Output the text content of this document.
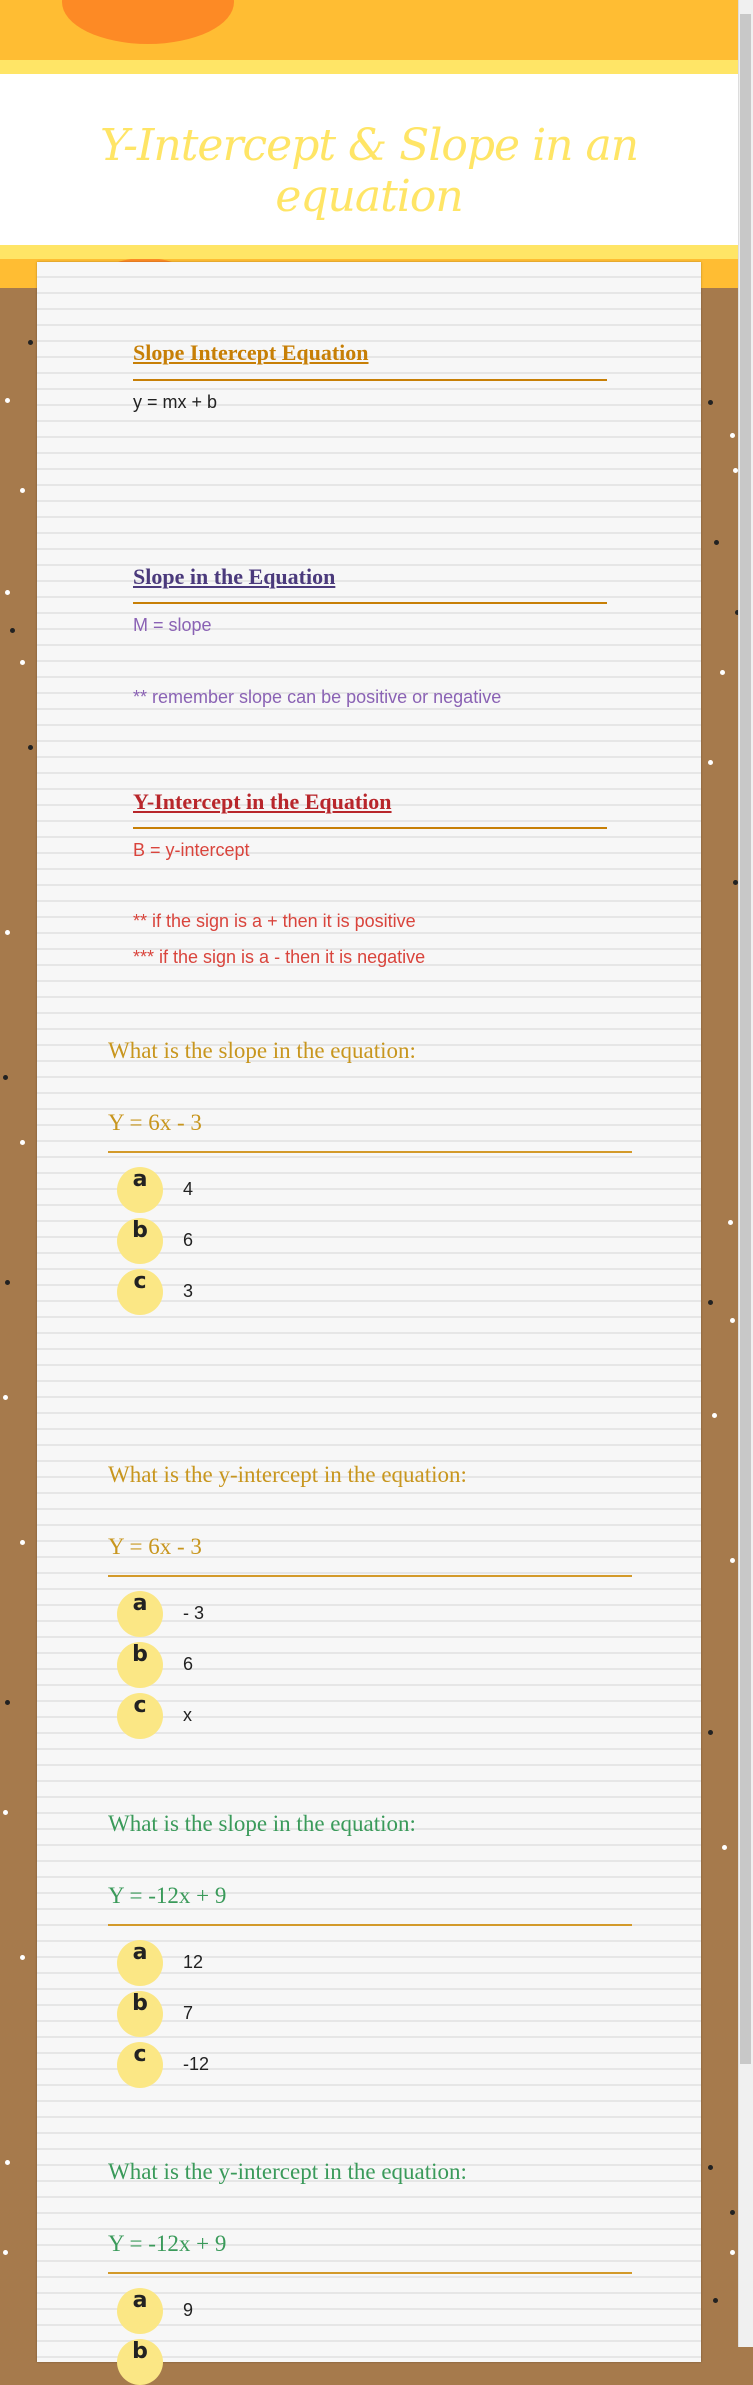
Y-Intercept & Slope in an equation
Slope Intercept Equation
y = mx + b
Slope in the Equation
M = slope
** remember slope can be positive or negative
Y-Intercept in the Equation
B = y-intercept
** if the sign is a + then it is positive
*** if the sign is a - then it is negative
What is the slope in the equation:
Y = 6x - 3
a	4
b	6
c	3
What is the y-intercept in the equation:
Y = 6x - 3
a	- 3
b	6
c	x
What is the slope in the equation:
Y = -12x + 9
a	12
b	7
c	-12
What is the y-intercept in the equation:
Y = -12x + 9
a	9
b
